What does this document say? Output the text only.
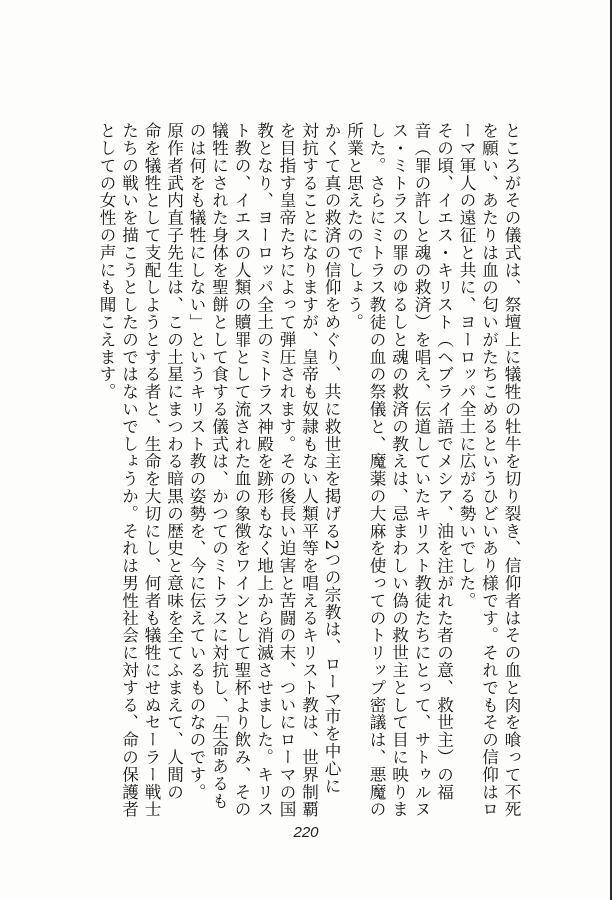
ところがその儀式は、祭壇上に犠牲の牡牛を切り裂き、信仰者はその血と肉を喰って不死
を願い、あたりは血の匂いがたちこめるというひどいあり様です。それでもその信仰はロ
ーマ軍人の遠征と共に、ヨーロッパ全土に広がる勢いでした。
その頃、イエス・キリスト（ヘブライ語でメシア、油を注がれた者の意、救世主）の福
音（罪の許しと魂の救済）を唱え、伝道していたキリスト教徒たちにとって、サトゥルヌ
ス・ミトラスの罪のゆるしと魂の救済の教えは、忌まわしい偽の救世主として目に映りま
した。さらにミトラス教徒の血の祭儀と、魔薬の大麻を使ってのトリップ密議は、悪魔の
所業と思えたのでしょう。
かくて真の救済の信仰をめぐり、共に救世主を掲げる2つの宗教は、ローマ市を中心に
対抗することになりますが、皇帝も奴隷もない人類平等を唱えるキリスト教は、世界制覇
を目指す皇帝たちによって弾圧されます。その後長い迫害と苦闘の末、ついにローマの国
教となり、ヨーロッパ全土のミトラス神殿を跡形もなく地上から消滅させました。キリス
ト教の、イエスの人類の贖罪として流された血の象徴をワインとして聖杯より飲み、その
犠牲にされた身体を聖餅として食する儀式は、かつてのミトラスに対抗し、「生命あるも
のは何をも犠牲にしない」というキリスト教の姿勢を、今に伝えているものなのです。
原作者武内直子先生は、この土星にまつわる暗黒の歴史と意味を全てふまえて、人間の
命を犠牲として支配しようとする者と、生命を大切にし、何者も犠牲にせぬセーラー戦士
たちの戦いを描こうとしたのではないでしょうか。それは男性社会に対する、命の保護者
としての女性の声にも聞こえます。
220
